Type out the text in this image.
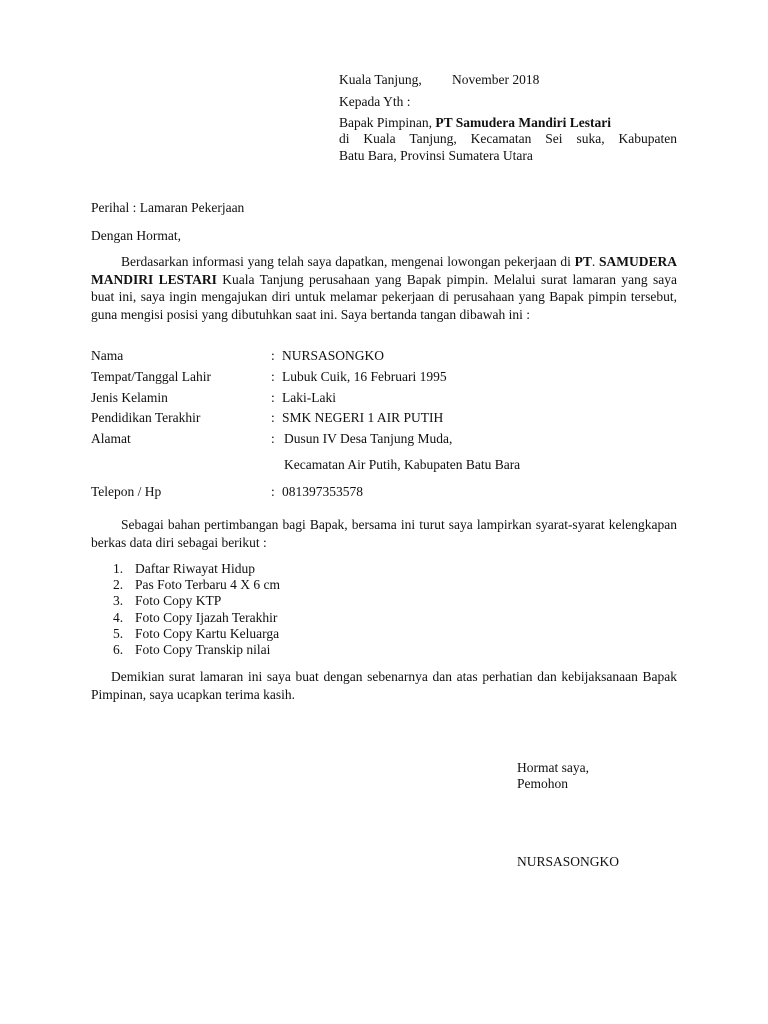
Kuala Tanjung, November 2018
Kepada Yth :
Bapak Pimpinan, PT Samudera Mandiri Lestari
di Kuala Tanjung, Kecamatan Sei suka, Kabupaten
Batu Bara, Provinsi Sumatera Utara
Perihal : Lamaran Pekerjaan
Dengan Hormat,
Berdasarkan informasi yang telah saya dapatkan, mengenai lowongan pekerjaan di PT. SAMUDERA MANDIRI LESTARI Kuala Tanjung perusahaan yang Bapak pimpin. Melalui surat lamaran yang saya buat ini, saya ingin mengajukan diri untuk melamar pekerjaan di perusahaan yang Bapak pimpin tersebut, guna mengisi posisi yang dibutuhkan saat ini. Saya bertanda tangan dibawah ini :
Nama	: NURSASONGKO
Tempat/Tanggal Lahir	: Lubuk Cuik, 16 Februari 1995
Jenis Kelamin	: Laki-Laki
Pendidikan Terakhir	: SMK NEGERI 1 AIR PUTIH
Alamat	: Dusun IV Desa Tanjung Muda,
Kecamatan Air Putih, Kabupaten Batu Bara
Telepon / Hp	: 081397353578
Sebagai bahan pertimbangan bagi Bapak, bersama ini turut saya lampirkan syarat-syarat kelengkapan berkas data diri sebagai berikut :
1. Daftar Riwayat Hidup
2. Pas Foto Terbaru 4 X 6 cm
3. Foto Copy KTP
4. Foto Copy Ijazah Terakhir
5. Foto Copy Kartu Keluarga
6. Foto Copy Transkip nilai
Demikian surat lamaran ini saya buat dengan sebenarnya dan atas perhatian dan kebijaksanaan Bapak Pimpinan, saya ucapkan terima kasih.
Hormat saya,
Pemohon
NURSASONGKO
